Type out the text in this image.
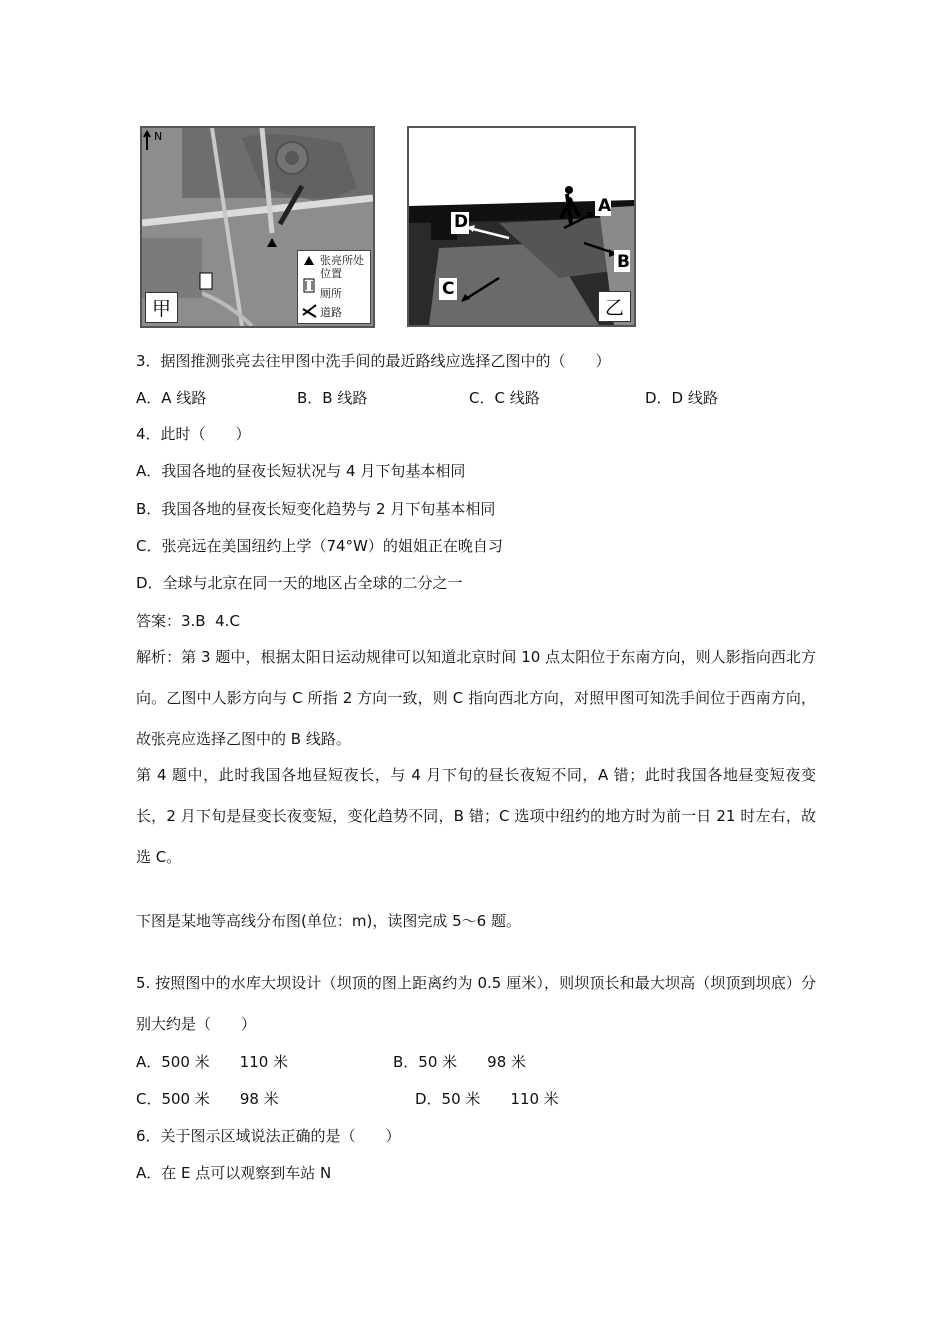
N
甲
张亮所处位置
厕所
道路
A
B
C
D
乙
3．据图推测张亮去往甲图中洗手间的最近路线应选择乙图中的（　　）
A．A 线路	B．B 线路	C．C 线路	D．D 线路
4．此时（　　）
A．我国各地的昼夜长短状况与 4 月下旬基本相同
B．我国各地的昼夜长短变化趋势与 2 月下旬基本相同
C．张亮远在美国纽约上学（74°W）的姐姐正在晚自习
D．全球与北京在同一天的地区占全球的二分之一
答案：3.B  4.C
解析：第 3 题中，根据太阳日运动规律可以知道北京时间 10 点太阳位于东南方向，则人影指向西北方向。乙图中人影方向与 C 所指 2 方向一致，则 C 指向西北方向，对照甲图可知洗手间位于西南方向，故张亮应选择乙图中的 B 线路。
第 4 题中，此时我国各地昼短夜长，与 4 月下旬的昼长夜短不同，A 错；此时我国各地昼变短夜变长，2 月下旬是昼变长夜变短，变化趋势不同，B 错；C 选项中纽约的地方时为前一日 21 时左右，故选 C。
下图是某地等高线分布图(单位：m)，读图完成 5～6 题。
5. 按照图中的水库大坝设计（坝顶的图上距离约为 0.5 厘米），则坝顶长和最大坝高（坝顶到坝底）分别大约是（　　）
A．500 米　　110 米	B．50 米　　98 米
C．500 米　　98 米	D．50 米　　110 米
6．关于图示区域说法正确的是（　　）
A．在 E 点可以观察到车站 N
